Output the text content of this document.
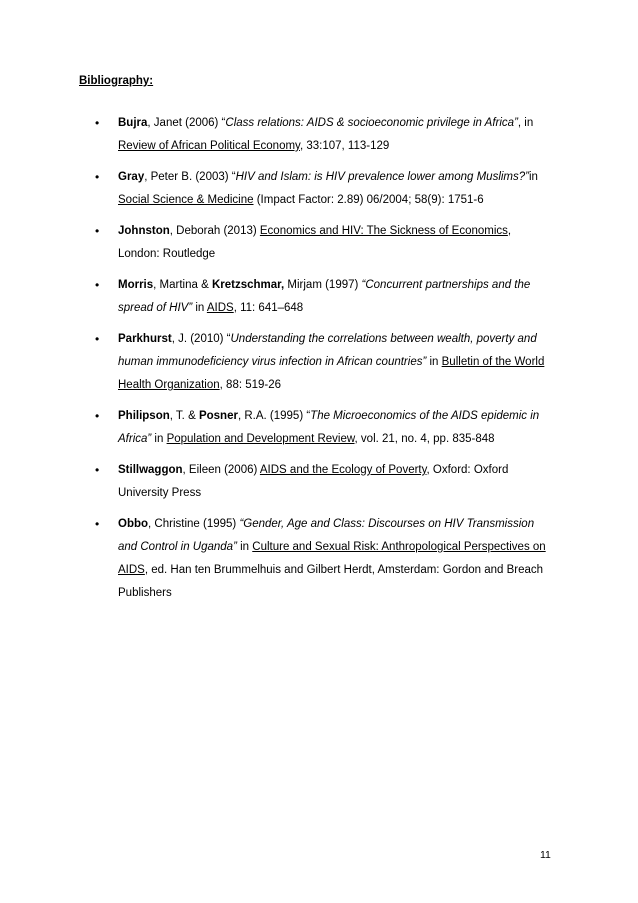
Bibliography:
• Bujra, Janet (2006) “Class relations: AIDS & socioeconomic privilege in Africa”, in
Review of African Political Economy, 33:107, 113-129
• Gray, Peter B. (2003) “HIV and Islam: is HIV prevalence lower among Muslims?”in
Social Science & Medicine (Impact Factor: 2.89) 06/2004; 58(9): 1751-6
• Johnston, Deborah (2013) Economics and HIV: The Sickness of Economics,
London: Routledge
• Morris, Martina & Kretzschmar, Mirjam (1997) “Concurrent partnerships and the
spread of HIV” in AIDS, 11: 641–648
• Parkhurst, J. (2010) “Understanding the correlations between wealth, poverty and
human immunodeficiency virus infection in African countries” in Bulletin of the World
Health Organization, 88: 519-26
• Philipson, T. & Posner, R.A. (1995) “The Microeconomics of the AIDS epidemic in
Africa” in Population and Development Review, vol. 21, no. 4, pp. 835-848
• Stillwaggon, Eileen (2006) AIDS and the Ecology of Poverty, Oxford: Oxford
University Press
• Obbo, Christine (1995) “Gender, Age and Class: Discourses on HIV Transmission
and Control in Uganda” in Culture and Sexual Risk: Anthropological Perspectives on
AIDS, ed. Han ten Brummelhuis and Gilbert Herdt, Amsterdam: Gordon and Breach
Publishers
11
